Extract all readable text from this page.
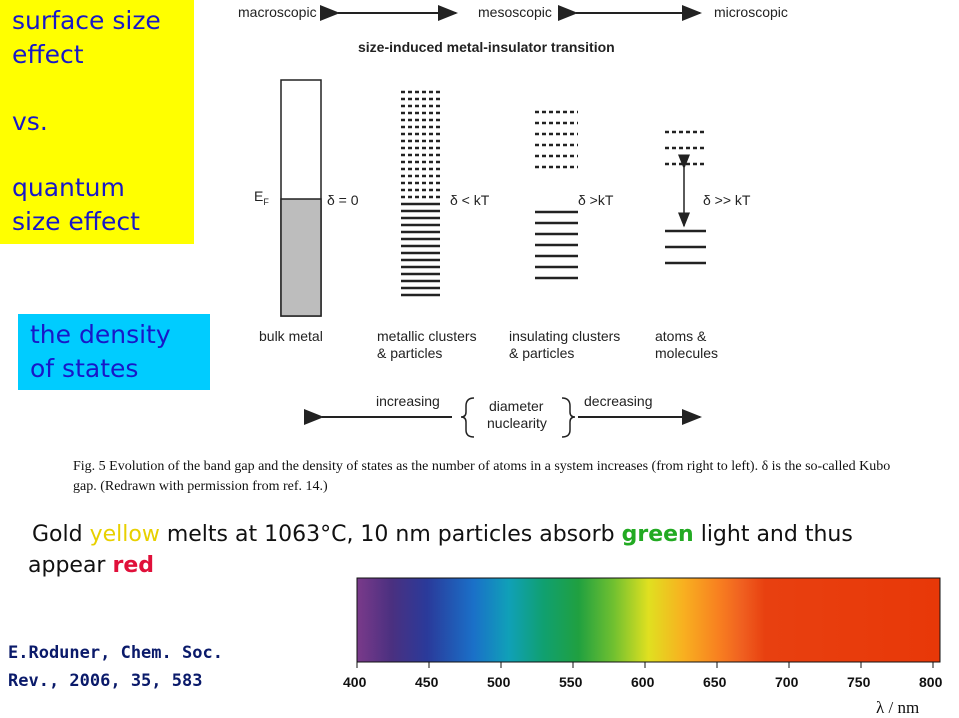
surface size
effect
vs.
quantum
size effect
the density
of states
macroscopic	mesoscopic	microscopic
size-induced metal-insulator transition
$E_F$	δ = 0	δ < kT	δ >kT	δ >> kT
bulk metal	metallic clusters
& particles
insulating clusters
& particles
atoms &
molecules
increasing	diameter
nuclearity
decreasing
Fig. 5 Evolution of the band gap and the density of states as the number of atoms in a system increases (from right to left). δ is the so-called Kubo
gap. (Redrawn with permission from ref. 14.)
Gold yellow melts at 1063°C, 10 nm particles absorb green light and thus
appear red
E.Roduner, Chem. Soc.
Rev., 2006, 35, 583	400	450	500	550	600	650	700	750	800
λ / nm
